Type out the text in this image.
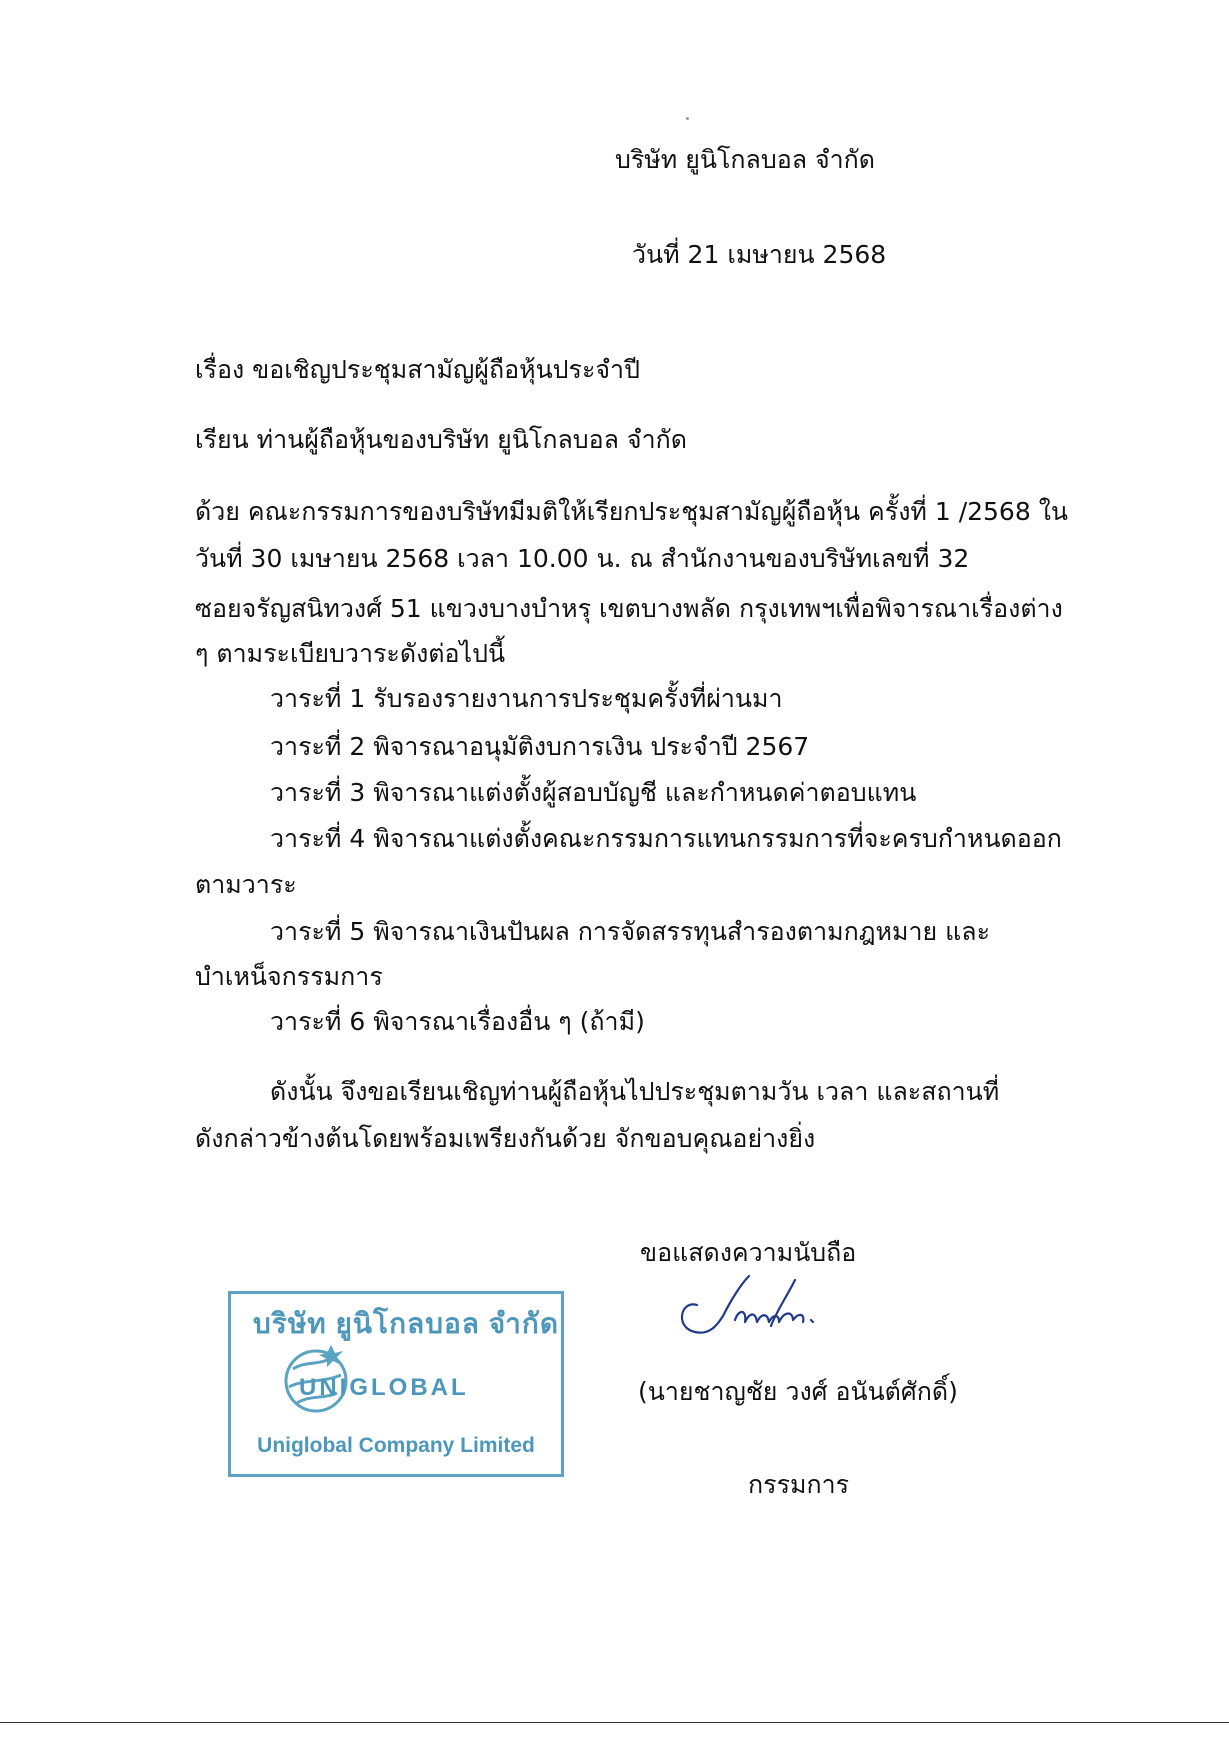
บริษัท ยูนิโกลบอล จำกัด
วันที่ 21 เมษายน 2568
เรื่อง ขอเชิญประชุมสามัญผู้ถือหุ้นประจำปี
เรียน ท่านผู้ถือหุ้นของบริษัท ยูนิโกลบอล จำกัด
ด้วย คณะกรรมการของบริษัทมีมติให้เรียกประชุมสามัญผู้ถือหุ้น ครั้งที่ 1 /2568 ใน
วันที่ 30 เมษายน 2568 เวลา 10.00 น. ณ สำนักงานของบริษัทเลขที่ 32
ซอยจรัญสนิทวงศ์ 51 แขวงบางบำหรุ เขตบางพลัด กรุงเทพฯเพื่อพิจารณาเรื่องต่าง
ๆ ตามระเบียบวาระดังต่อไปนี้
วาระที่ 1 รับรองรายงานการประชุมครั้งที่ผ่านมา
วาระที่ 2 พิจารณาอนุมัติงบการเงิน ประจำปี 2567
วาระที่ 3 พิจารณาแต่งตั้งผู้สอบบัญชี และกำหนดค่าตอบแทน
วาระที่ 4 พิจารณาแต่งตั้งคณะกรรมการแทนกรรมการที่จะครบกำหนดออก
ตามวาระ
วาระที่ 5 พิจารณาเงินปันผล การจัดสรรทุนสำรองตามกฎหมาย และ
บำเหน็จกรรมการ
วาระที่ 6 พิจารณาเรื่องอื่น ๆ (ถ้ามี)
ดังนั้น จึงขอเรียนเชิญท่านผู้ถือหุ้นไปประชุมตามวัน เวลา และสถานที่
ดังกล่าวข้างต้นโดยพร้อมเพรียงกันด้วย จักขอบคุณอย่างยิ่ง
ขอแสดงความนับถือ
(นายชาญชัย วงศ์ อนันต์ศักดิ์)
กรรมการ
บริษัท ยูนิโกลบอล จำกัด
UNIGLOBAL
Uniglobal Company Limited
